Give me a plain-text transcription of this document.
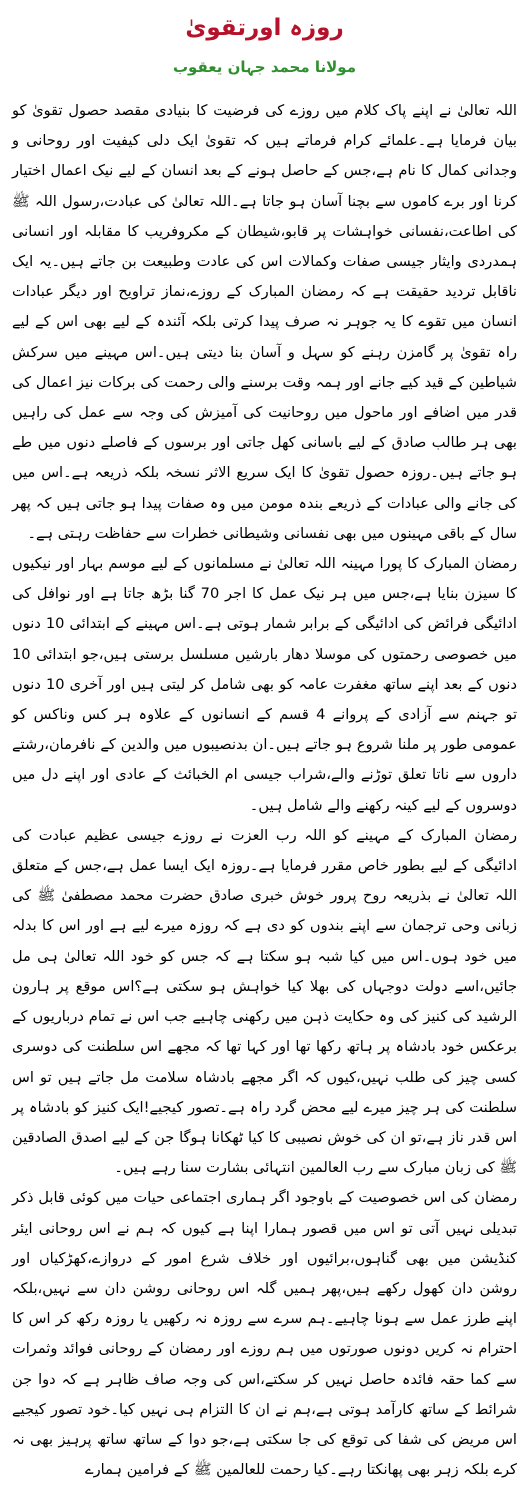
روزہ اورتقویٰ
مولانا محمد جہان یعقوب

اللہ تعالیٰ نے اپنے پاک کلام میں روزے کی فرضیت کا بنیادی مقصد حصول تقویٰ کو بیان فرمایا ہے۔علمائے کرام فرماتے ہیں کہ تقویٰ ایک دلی کیفیت اور روحانی و وجدانی کمال کا نام ہے،جس کے حاصل ہونے کے بعد انسان کے لیے نیک اعمال اختیار کرنا اور برے کاموں سے بچنا آسان ہو جاتا ہے۔اللہ تعالیٰ کی عبادت،رسول اللہ ﷺ کی اطاعت،نفسانی خواہشات پر قابو،شیطان کے مکروفریب کا مقابلہ اور انسانی ہمدردی وایثار جیسی صفات وکمالات اس کی عادت وطبیعت بن جاتے ہیں۔یہ ایک ناقابل تردید حقیقت ہے کہ رمضان المبارک کے روزے،نماز تراویح اور دیگر عبادات انسان میں تقوے کا یہ جوہر نہ صرف پیدا کرتی بلکہ آئندہ کے لیے بھی اس کے لیے راہ تقویٰ پر گامزن رہنے کو سہل و آسان بنا دیتی ہیں۔اس مہینے میں سرکش شیاطین کے قید کیے جانے اور ہمہ وقت برسنے والی رحمت کی برکات نیز اعمال کی قدر میں اضافے اور ماحول میں روحانیت کی آمیزش کی وجہ سے عمل کی راہیں بھی ہر طالب صادق کے لیے باسانی کھل جاتی اور برسوں کے فاصلے دنوں میں طے ہو جاتے ہیں۔روزہ حصول تقویٰ کا ایک سریع الاثر نسخہ بلکہ ذریعہ ہے۔اس میں کی جانے والی عبادات کے ذریعے بندہ مومن میں وہ صفات پیدا ہو جاتی ہیں کہ پھر سال کے باقی مہینوں میں بھی نفسانی وشیطانی خطرات سے حفاظت رہتی ہے۔

رمضان المبارک کا پورا مہینہ اللہ تعالیٰ نے مسلمانوں کے لیے موسم بہار اور نیکیوں کا سیزن بنایا ہے،جس میں ہر نیک عمل کا اجر 70 گنا بڑھ جاتا ہے اور نوافل کی ادائیگی فرائض کی ادائیگی کے برابر شمار ہوتی ہے۔اس مہینے کے ابتدائی 10 دنوں میں خصوصی رحمتوں کی موسلا دھار بارشیں مسلسل برستی ہیں،جو ابتدائی 10 دنوں کے بعد اپنے ساتھ مغفرت عامہ کو بھی شامل کر لیتی ہیں اور آخری 10 دنوں تو جہنم سے آزادی کے پروانے 4 قسم کے انسانوں کے علاوہ ہر کس وناکس کو عمومی طور پر ملنا شروع ہو جاتے ہیں۔ان بدنصیبوں میں والدین کے نافرمان،رشتے داروں سے ناتا تعلق توڑنے والے،شراب جیسی ام الخبائث کے عادی اور اپنے دل میں دوسروں کے لیے کینہ رکھنے والے شامل ہیں۔

رمضان المبارک کے مہینے کو اللہ رب العزت نے روزے جیسی عظیم عبادت کی ادائیگی کے لیے بطور خاص مقرر فرمایا ہے۔روزہ ایک ایسا عمل ہے،جس کے متعلق اللہ تعالیٰ نے بذریعہ روح پرور خوش خبری صادق حضرت محمد مصطفیٰ ﷺ کی زبانی وحی ترجمان سے اپنے بندوں کو دی ہے کہ روزہ میرے لیے ہے اور اس کا بدلہ میں خود ہوں۔اس میں کیا شبہ ہو سکتا ہے کہ جس کو خود اللہ تعالیٰ ہی مل جائیں،اسے دولت دوجہاں کی بھلا کیا خواہش ہو سکتی ہے؟اس موقع پر ہارون الرشید کی کنیز کی وہ حکایت ذہن میں رکھنی چاہیے جب اس نے تمام درباریوں کے برعکس خود بادشاہ پر ہاتھ رکھا تھا اور کہا تھا کہ مجھے اس سلطنت کی دوسری کسی چیز کی طلب نہیں،کیوں کہ اگر مجھے بادشاہ سلامت مل جاتے ہیں تو اس سلطنت کی ہر چیز میرے لیے محض گرد راہ ہے۔تصور کیجیے!ایک کنیز کو بادشاہ پر اس قدر ناز ہے،تو ان کی خوش نصیبی کا کیا ٹھکانا ہوگا جن کے لیے اصدق الصادقین ﷺ کی زبان مبارک سے رب العالمین انتہائی بشارت سنا رہے ہیں۔

رمضان کی اس خصوصیت کے باوجود اگر ہماری اجتماعی حیات میں کوئی قابل ذکر تبدیلی نہیں آتی تو اس میں قصور ہمارا اپنا ہے کیوں کہ ہم نے اس روحانی ایئر کنڈیشن میں بھی گناہوں،برائیوں اور خلاف شرع امور کے دروازے،کھڑکیاں اور روشن دان کھول رکھے ہیں،پھر ہمیں گلہ اس روحانی روشن دان سے نہیں،بلکہ اپنے طرز عمل سے ہونا چاہیے۔ہم سرے سے روزہ نہ رکھیں یا روزہ رکھ کر اس کا احترام نہ کریں دونوں صورتوں میں ہم روزے اور رمضان کے روحانی فوائد وثمرات سے کما حقہ فائدہ حاصل نہیں کر سکتے،اس کی وجہ صاف ظاہر ہے کہ دوا جن شرائط کے ساتھ کارآمد ہوتی ہے،ہم نے ان کا التزام ہی نہیں کیا۔خود تصور کیجیے اس مریض کی شفا کی توقع کی جا سکتی ہے،جو دوا کے ساتھ ساتھ پرہیز بھی نہ کرے بلکہ زہر بھی پھانکتا رہے۔کیا رحمت للعالمین ﷺ کے فرامین ہمارے
